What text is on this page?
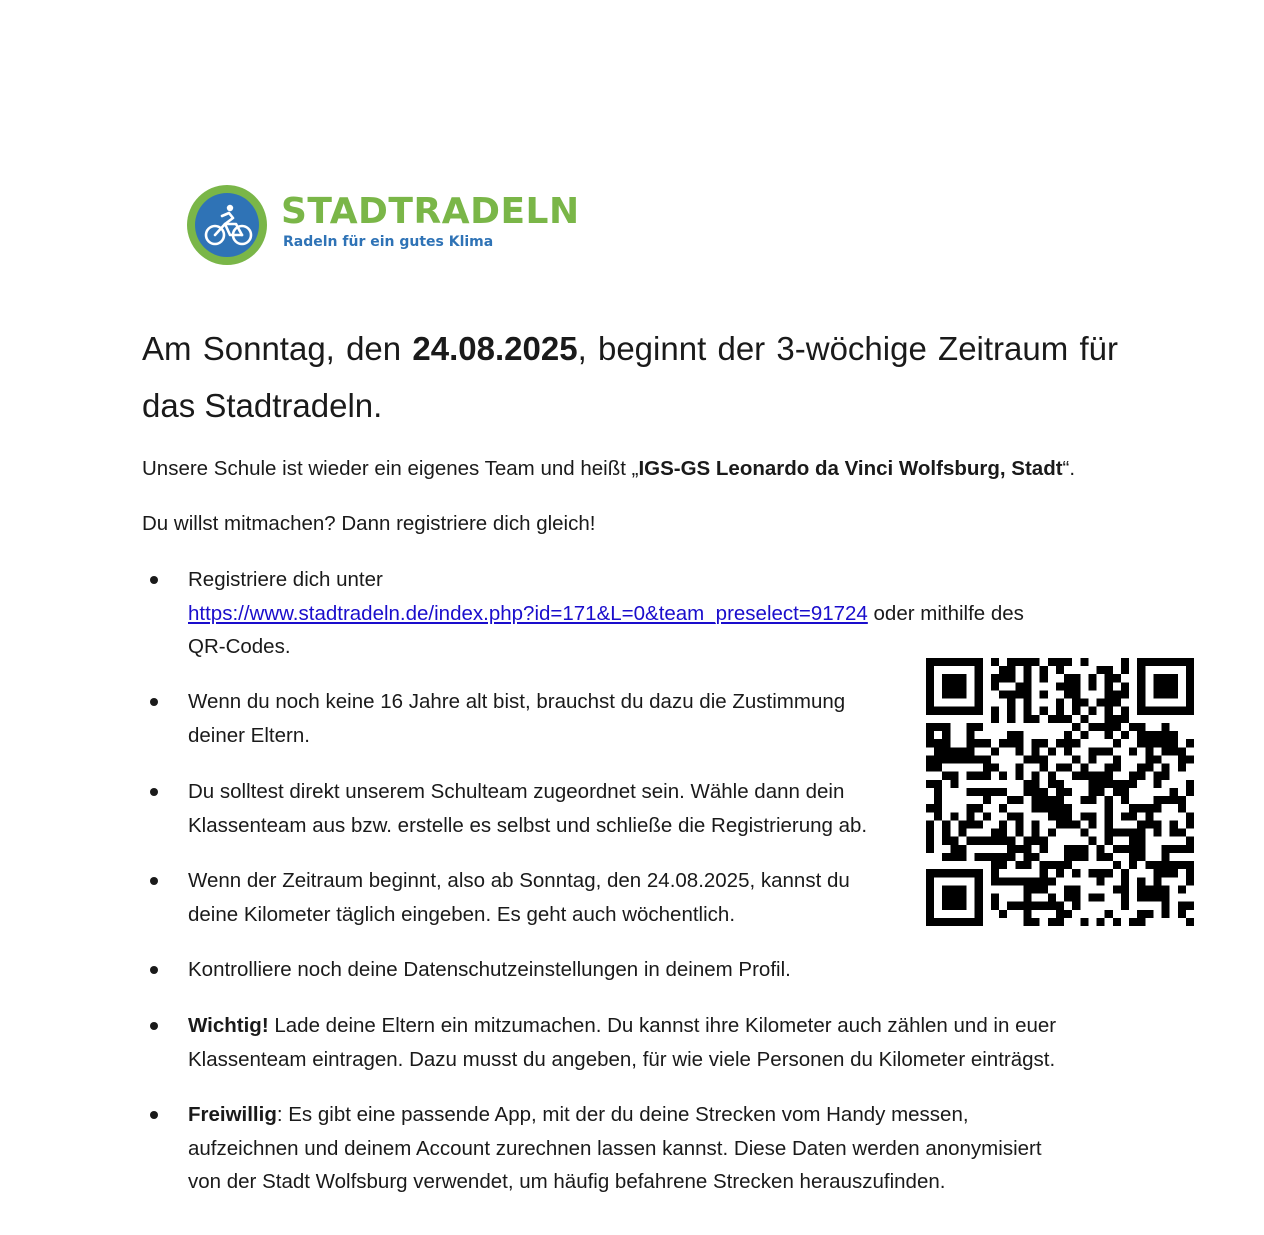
STADTRADELN
Radeln für ein gutes Klima
Am Sonntag, den 24.08.2025, beginnt der 3-wöchige Zeitraum für das Stadtradeln.

Unsere Schule ist wieder ein eigenes Team und heißt „IGS-GS Leonardo da Vinci Wolfsburg, Stadt“.

Du willst mitmachen? Dann registriere dich gleich!

Registriere dich unter
https://www.stadtradeln.de/index.php?id=171&L=0&team_preselect=91724 oder mithilfe des
QR-Codes.
Wenn du noch keine 16 Jahre alt bist, brauchst du dazu die Zustimmung
deiner Eltern.
Du solltest direkt unserem Schulteam zugeordnet sein. Wähle dann dein
Klassenteam aus bzw. erstelle es selbst und schließe die Registrierung ab.
Wenn der Zeitraum beginnt, also ab Sonntag, den 24.08.2025, kannst du
deine Kilometer täglich eingeben. Es geht auch wöchentlich.
Kontrolliere noch deine Datenschutzeinstellungen in deinem Profil.
Wichtig! Lade deine Eltern ein mitzumachen. Du kannst ihre Kilometer auch zählen und in euer
Klassenteam eintragen. Dazu musst du angeben, für wie viele Personen du Kilometer einträgst.
Freiwillig: Es gibt eine passende App, mit der du deine Strecken vom Handy messen,
aufzeichnen und deinem Account zurechnen lassen kannst. Diese Daten werden anonymisiert
von der Stadt Wolfsburg verwendet, um häufig befahrene Strecken herauszufinden.
